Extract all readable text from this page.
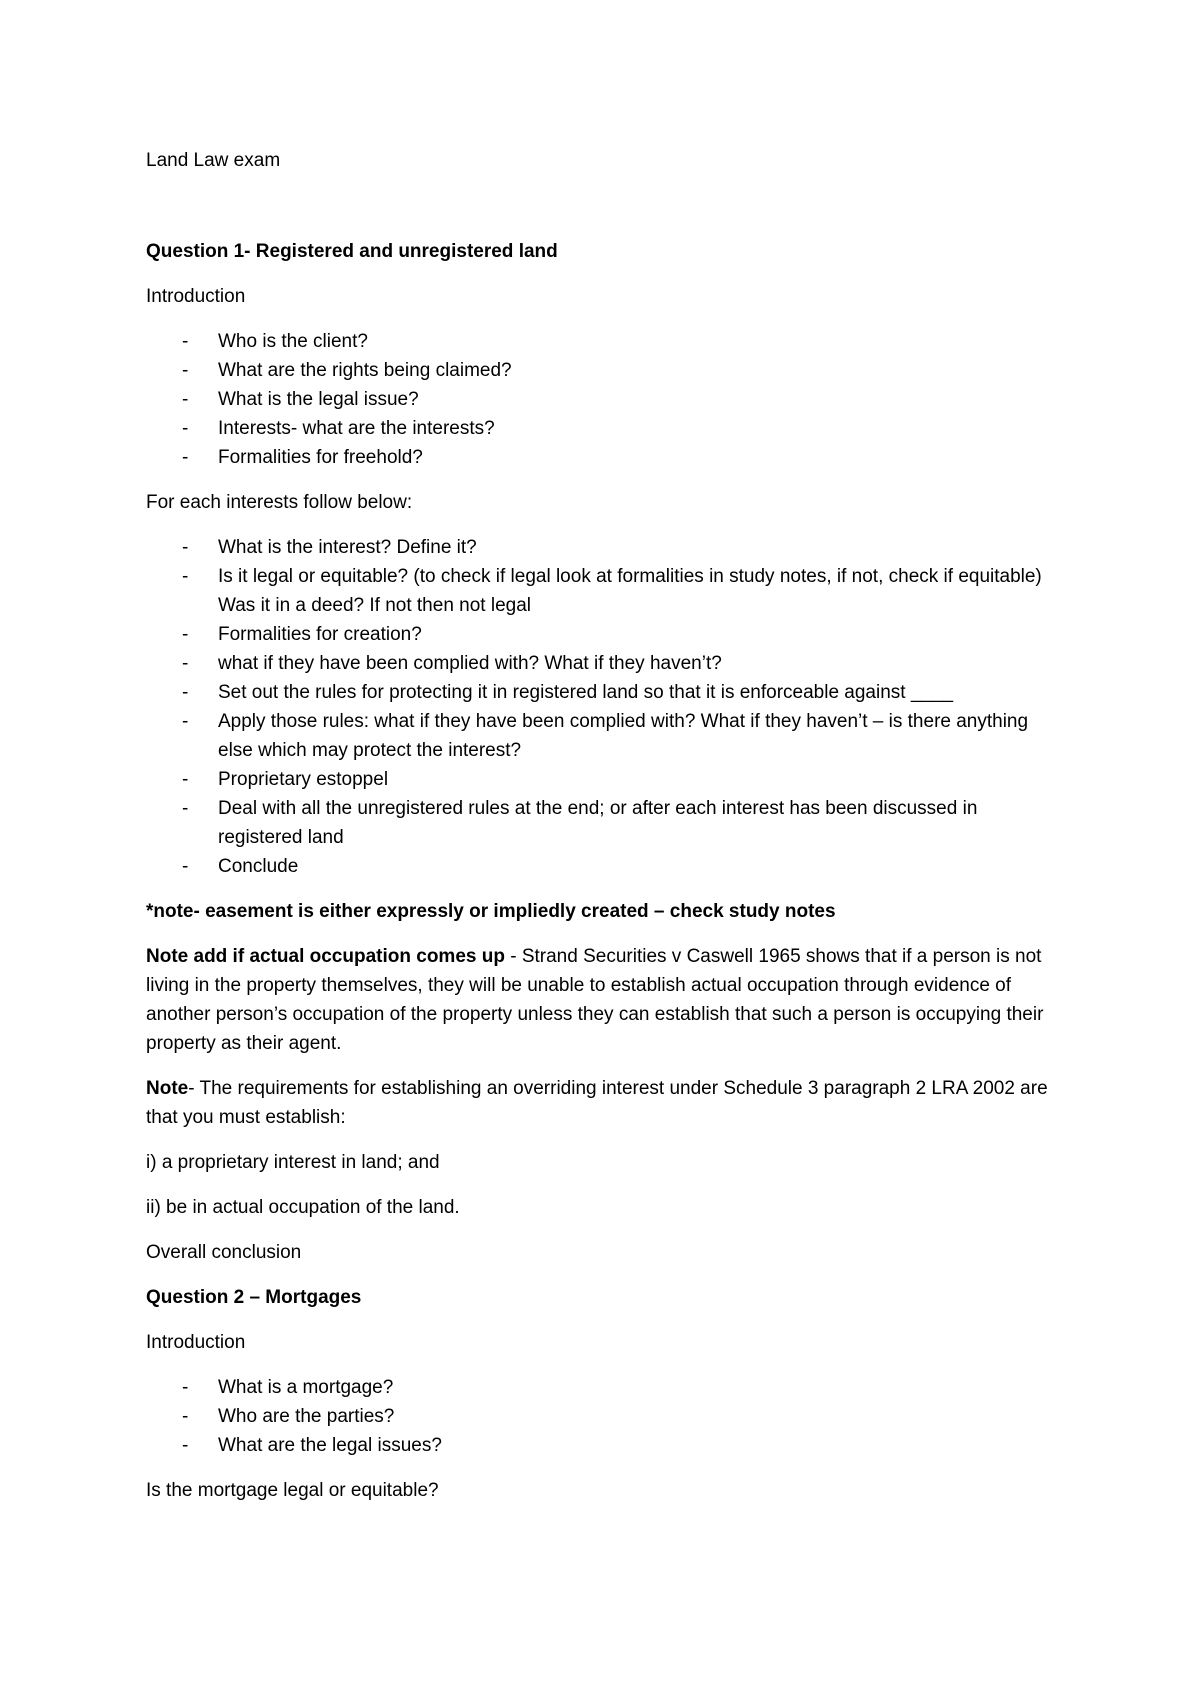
Land Law exam

Question 1- Registered and unregistered land

Introduction

- Who is the client?
- What are the rights being claimed?
- What is the legal issue?
- Interests- what are the interests?
- Formalities for freehold?

For each interests follow below:

- What is the interest? Define it?
- Is it legal or equitable? (to check if legal look at formalities in study notes, if not, check if equitable) Was it in a deed? If not then not legal
- Formalities for creation?
- what if they have been complied with? What if they haven’t?
- Set out the rules for protecting it in registered land so that it is enforceable against ____
- Apply those rules: what if they have been complied with? What if they haven’t – is there anything else which may protect the interest?
- Proprietary estoppel
- Deal with all the unregistered rules at the end; or after each interest has been discussed in registered land
- Conclude

*note- easement is either expressly or impliedly created – check study notes

Note add if actual occupation comes up - Strand Securities v Caswell 1965 shows that if a person is not living in the property themselves, they will be unable to establish actual occupation through evidence of another person’s occupation of the property unless they can establish that such a person is occupying their property as their agent.

Note- The requirements for establishing an overriding interest under Schedule 3 paragraph 2 LRA 2002 are that you must establish:

i) a proprietary interest in land; and

ii) be in actual occupation of the land.

Overall conclusion

Question 2 – Mortgages

Introduction

- What is a mortgage?
- Who are the parties?
- What are the legal issues?

Is the mortgage legal or equitable?
